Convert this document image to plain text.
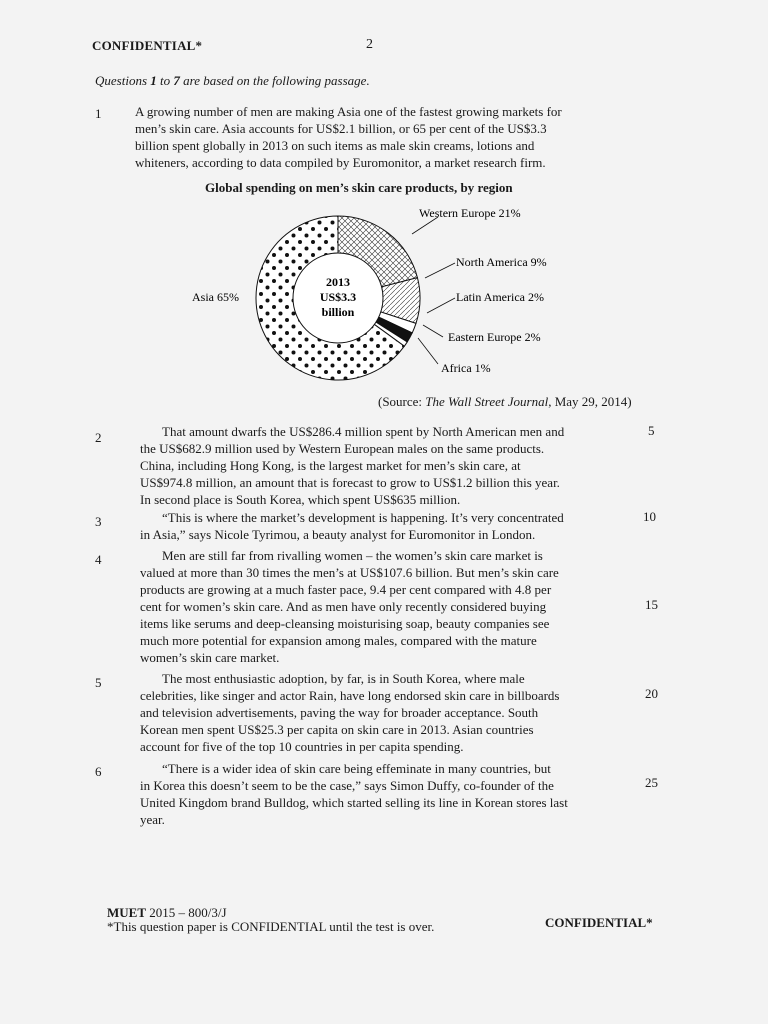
CONFIDENTIAL*	2
Questions 1 to 7 are based on the following passage.
1	A growing number of men are making Asia one of the fastest growing markets for
men’s skin care. Asia accounts for US$2.1 billion, or 65 per cent of the US$3.3
billion spent globally in 2013 on such items as male skin creams, lotions and
whiteners, according to data compiled by Euromonitor, a market research firm.
Global spending on men’s skin care products, by region
2013
US$3.3
billion
Western Europe 21%
North America 9%
Latin America 2%
Eastern Europe 2%
Africa 1%
Asia 65%
(Source: The Wall Street Journal, May 29, 2014)
2	That amount dwarfs the US$286.4 million spent by North American men and
the US$682.9 million used by Western European males on the same products.
China, including Hong Kong, is the largest market for men’s skin care, at
US$974.8 million, an amount that is forecast to grow to US$1.2 billion this year.
In second place is South Korea, which spent US$635 million.
3	“This is where the market’s development is happening. It’s very concentrated
in Asia,” says Nicole Tyrimou, a beauty analyst for Euromonitor in London.
4	Men are still far from rivalling women – the women’s skin care market is
valued at more than 30 times the men’s at US$107.6 billion. But men’s skin care
products are growing at a much faster pace, 9.4 per cent compared with 4.8 per
cent for women’s skin care. And as men have only recently considered buying
items like serums and deep-cleansing moisturising soap, beauty companies see
much more potential for expansion among males, compared with the mature
women’s skin care market.
5	The most enthusiastic adoption, by far, is in South Korea, where male
celebrities, like singer and actor Rain, have long endorsed skin care in billboards
and television advertisements, paving the way for broader acceptance. South
Korean men spent US$25.3 per capita on skin care in 2013. Asian countries
account for five of the top 10 countries in per capita spending.
6	“There is a wider idea of skin care being effeminate in many countries, but
in Korea this doesn’t seem to be the case,” says Simon Duffy, co-founder of the
United Kingdom brand Bulldog, which started selling its line in Korean stores last
year.
5
10
15
20
25
MUET 2015 – 800/3/J
*This question paper is CONFIDENTIAL until the test is over.	CONFIDENTIAL*
